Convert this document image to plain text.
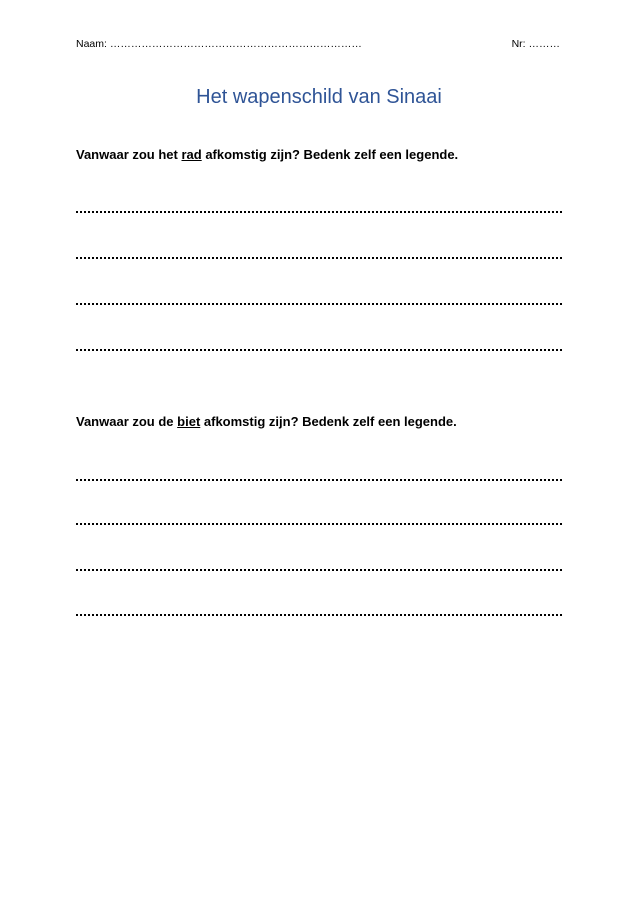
Naam: ………………………………………………………………	Nr: ………
Het wapenschild van Sinaai
Vanwaar zou het rad afkomstig zijn? Bedenk zelf een legende.
Vanwaar zou de biet afkomstig zijn? Bedenk zelf een legende.
